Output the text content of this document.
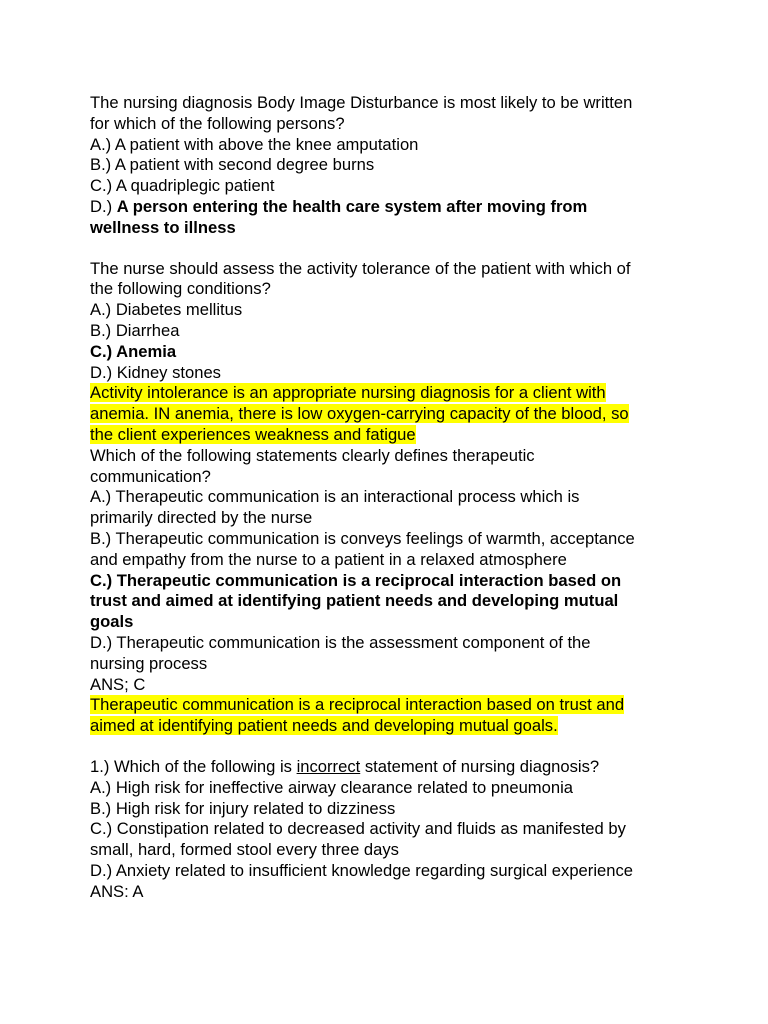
The nursing diagnosis Body Image Disturbance is most likely to be written
for which of the following persons?
A.) A patient with above the knee amputation
B.) A patient with second degree burns
C.) A quadriplegic patient
D.) A person entering the health care system after moving from
wellness to illness
The nurse should assess the activity tolerance of the patient with which of
the following conditions?
A.) Diabetes mellitus
B.) Diarrhea
C.) Anemia
D.) Kidney stones
Activity intolerance is an appropriate nursing diagnosis for a client with
anemia. IN anemia, there is low oxygen-carrying capacity of the blood, so
the client experiences weakness and fatigue
Which of the following statements clearly defines therapeutic
communication?
A.) Therapeutic communication is an interactional process which is
primarily directed by the nurse
B.) Therapeutic communication is conveys feelings of warmth, acceptance
and empathy from the nurse to a patient in a relaxed atmosphere
C.) Therapeutic communication is a reciprocal interaction based on
trust and aimed at identifying patient needs and developing mutual
goals
D.) Therapeutic communication is the assessment component of the
nursing process
ANS; C
Therapeutic communication is a reciprocal interaction based on trust and
aimed at identifying patient needs and developing mutual goals.
1.) Which of the following is incorrect statement of nursing diagnosis?
A.) High risk for ineffective airway clearance related to pneumonia
B.) High risk for injury related to dizziness
C.) Constipation related to decreased activity and fluids as manifested by
small, hard, formed stool every three days
D.) Anxiety related to insufficient knowledge regarding surgical experience
ANS: A
